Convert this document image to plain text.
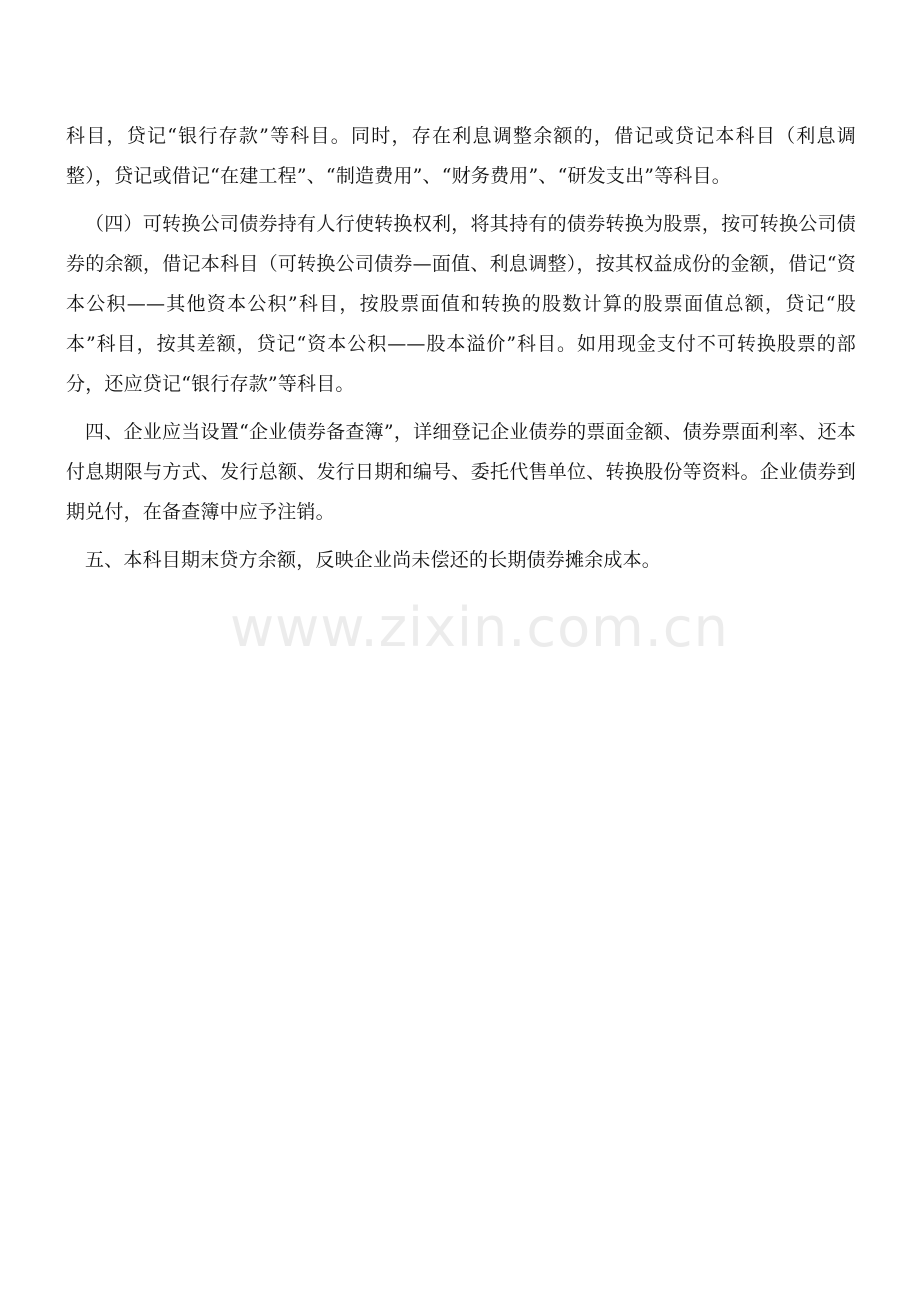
科目，贷记“银行存款”等科目。同时，存在利息调整余额的，借记或贷记本科目（利息调整），贷记或借记“在建工程”、“制造费用”、“财务费用”、“研发支出”等科目。

（四）可转换公司债券持有人行使转换权利，将其持有的债券转换为股票，按可转换公司债券的余额，借记本科目（可转换公司债券—面值、利息调整），按其权益成份的金额，借记“资本公积——其他资本公积”科目，按股票面值和转换的股数计算的股票面值总额，贷记“股本”科目，按其差额，贷记“资本公积——股本溢价”科目。如用现金支付不可转换股票的部分，还应贷记“银行存款”等科目。

四、企业应当设置“企业债券备查簿”，详细登记企业债券的票面金额、债券票面利率、还本付息期限与方式、发行总额、发行日期和编号、委托代售单位、转换股份等资料。企业债券到期兑付，在备查簿中应予注销。

五、本科目期末贷方余额，反映企业尚未偿还的长期债券摊余成本。

www.zixin.com.cn
